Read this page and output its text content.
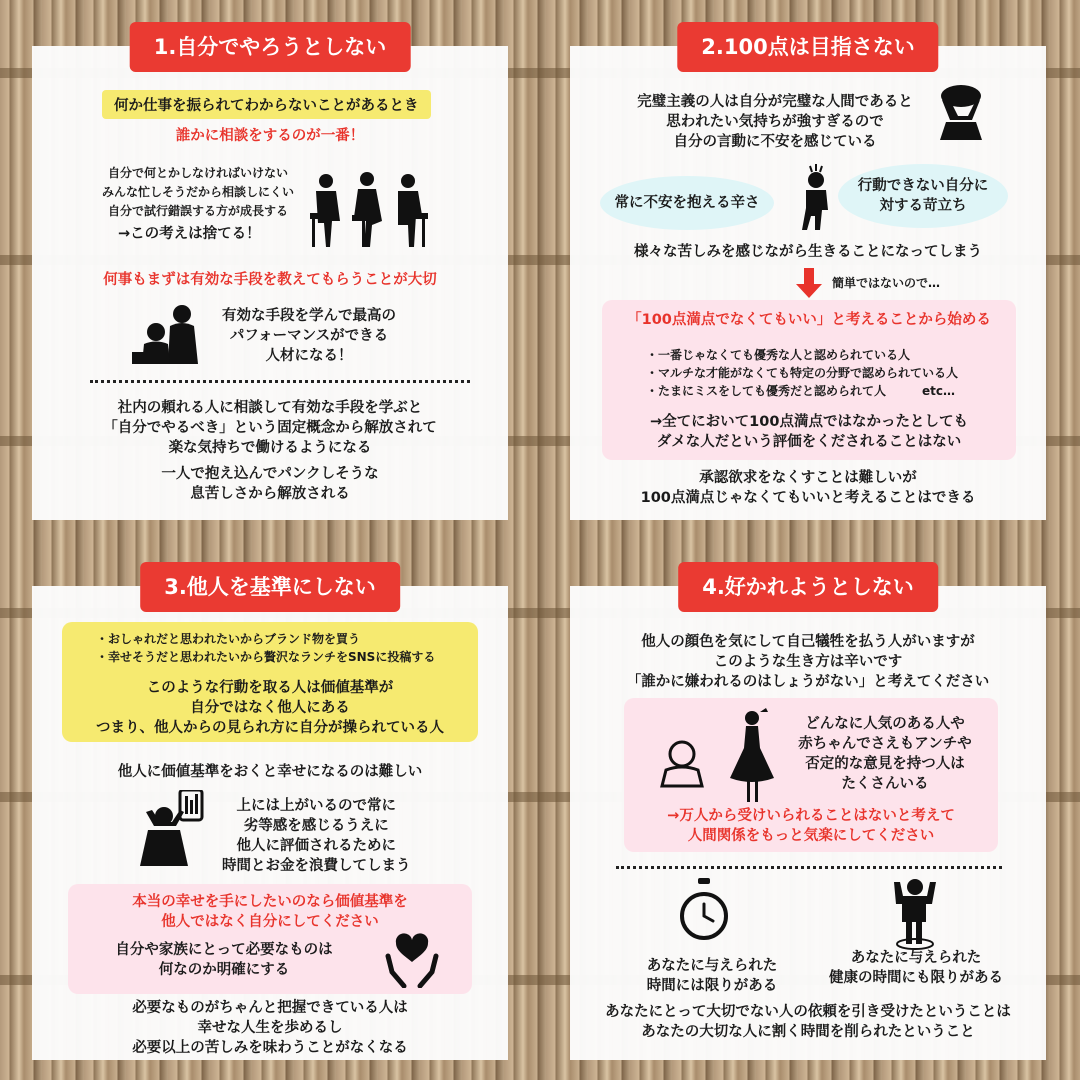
1.自分でやろうとしない
何か仕事を振られてわからないことがあるとき
誰かに相談をするのが一番！
自分で何とかしなければいけない
みんな忙しそうだから相談しにくい
自分で試行錯誤する方が成長する
→この考えは捨てる！
何事もまずは有効な手段を教えてもらうことが大切
有効な手段を学んで最高の
パフォーマンスができる
人材になる！
社内の頼れる人に相談して有効な手段を学ぶと
「自分でやるべき」という固定概念から解放されて
楽な気持ちで働けるようになる
一人で抱え込んでパンクしそうな
息苦しさから解放される
2.100点は目指さない
完璧主義の人は自分が完璧な人間であると
思われたい気持ちが強すぎるので
自分の言動に不安を感じている
常に不安を抱える辛さ
行動できない自分に
対する苛立ち
様々な苦しみを感じながら生きることになってしまう
簡単ではないので…
「100点満点でなくてもいい」と考えることから始める
・一番じゃなくても優秀な人と認められている人
・マルチな才能がなくても特定の分野で認められている人
・たまにミスをしても優秀だと認められて人　　　etc…
→全てにおいて100点満点ではなかったとしても
ダメな人だという評価をくだされることはない
承認欲求をなくすことは難しいが
100点満点じゃなくてもいいと考えることはできる
3.他人を基準にしない
・おしゃれだと思われたいからブランド物を買う
・幸せそうだと思われたいから贅沢なランチをSNSに投稿する
このような行動を取る人は価値基準が
自分ではなく他人にある
つまり、他人からの見られ方に自分が操られている人
他人に価値基準をおくと幸せになるのは難しい
上には上がいるので常に
劣等感を感じるうえに
他人に評価されるために
時間とお金を浪費してしまう
本当の幸せを手にしたいのなら価値基準を
他人ではなく自分にしてください
自分や家族にとって必要なものは
何なのか明確にする
必要なものがちゃんと把握できている人は
幸せな人生を歩めるし
必要以上の苦しみを味わうことがなくなる
4.好かれようとしない
他人の顔色を気にして自己犠牲を払う人がいますが
このような生き方は辛いです
「誰かに嫌われるのはしょうがない」と考えてください
どんなに人気のある人や
赤ちゃんでさえもアンチや
否定的な意見を持つ人は
たくさんいる
→万人から受けいられることはないと考えて
人間関係をもっと気楽にしてください
あなたに与えられた
時間には限りがある
あなたに与えられた
健康の時間にも限りがある
あなたにとって大切でない人の依頼を引き受けたということは
あなたの大切な人に割く時間を削られたということ
